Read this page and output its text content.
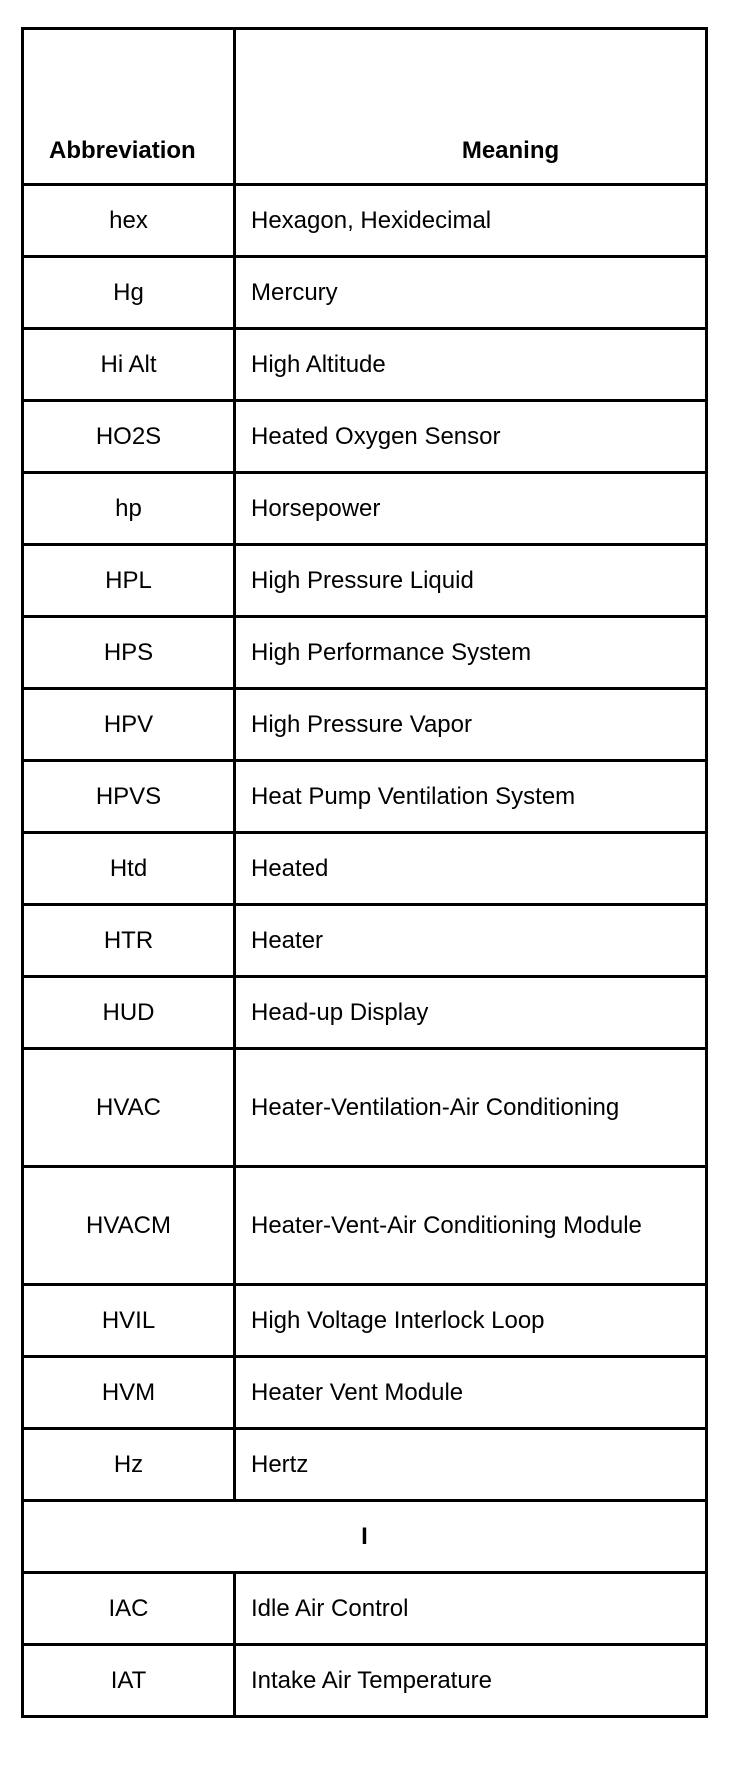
Abbreviation	Meaning
hex	Hexagon, Hexidecimal
Hg	Mercury
Hi Alt	High Altitude
HO2S	Heated Oxygen Sensor
hp	Horsepower
HPL	High Pressure Liquid
HPS	High Performance System
HPV	High Pressure Vapor
HPVS	Heat Pump Ventilation System
Htd	Heated
HTR	Heater
HUD	Head-up Display
HVAC	Heater-Ventilation-Air Conditioning
HVACM	Heater-Vent-Air Conditioning Module
HVIL	High Voltage Interlock Loop
HVM	Heater Vent Module
Hz	Hertz
I	
IAC	Idle Air Control
IAT	Intake Air Temperature
